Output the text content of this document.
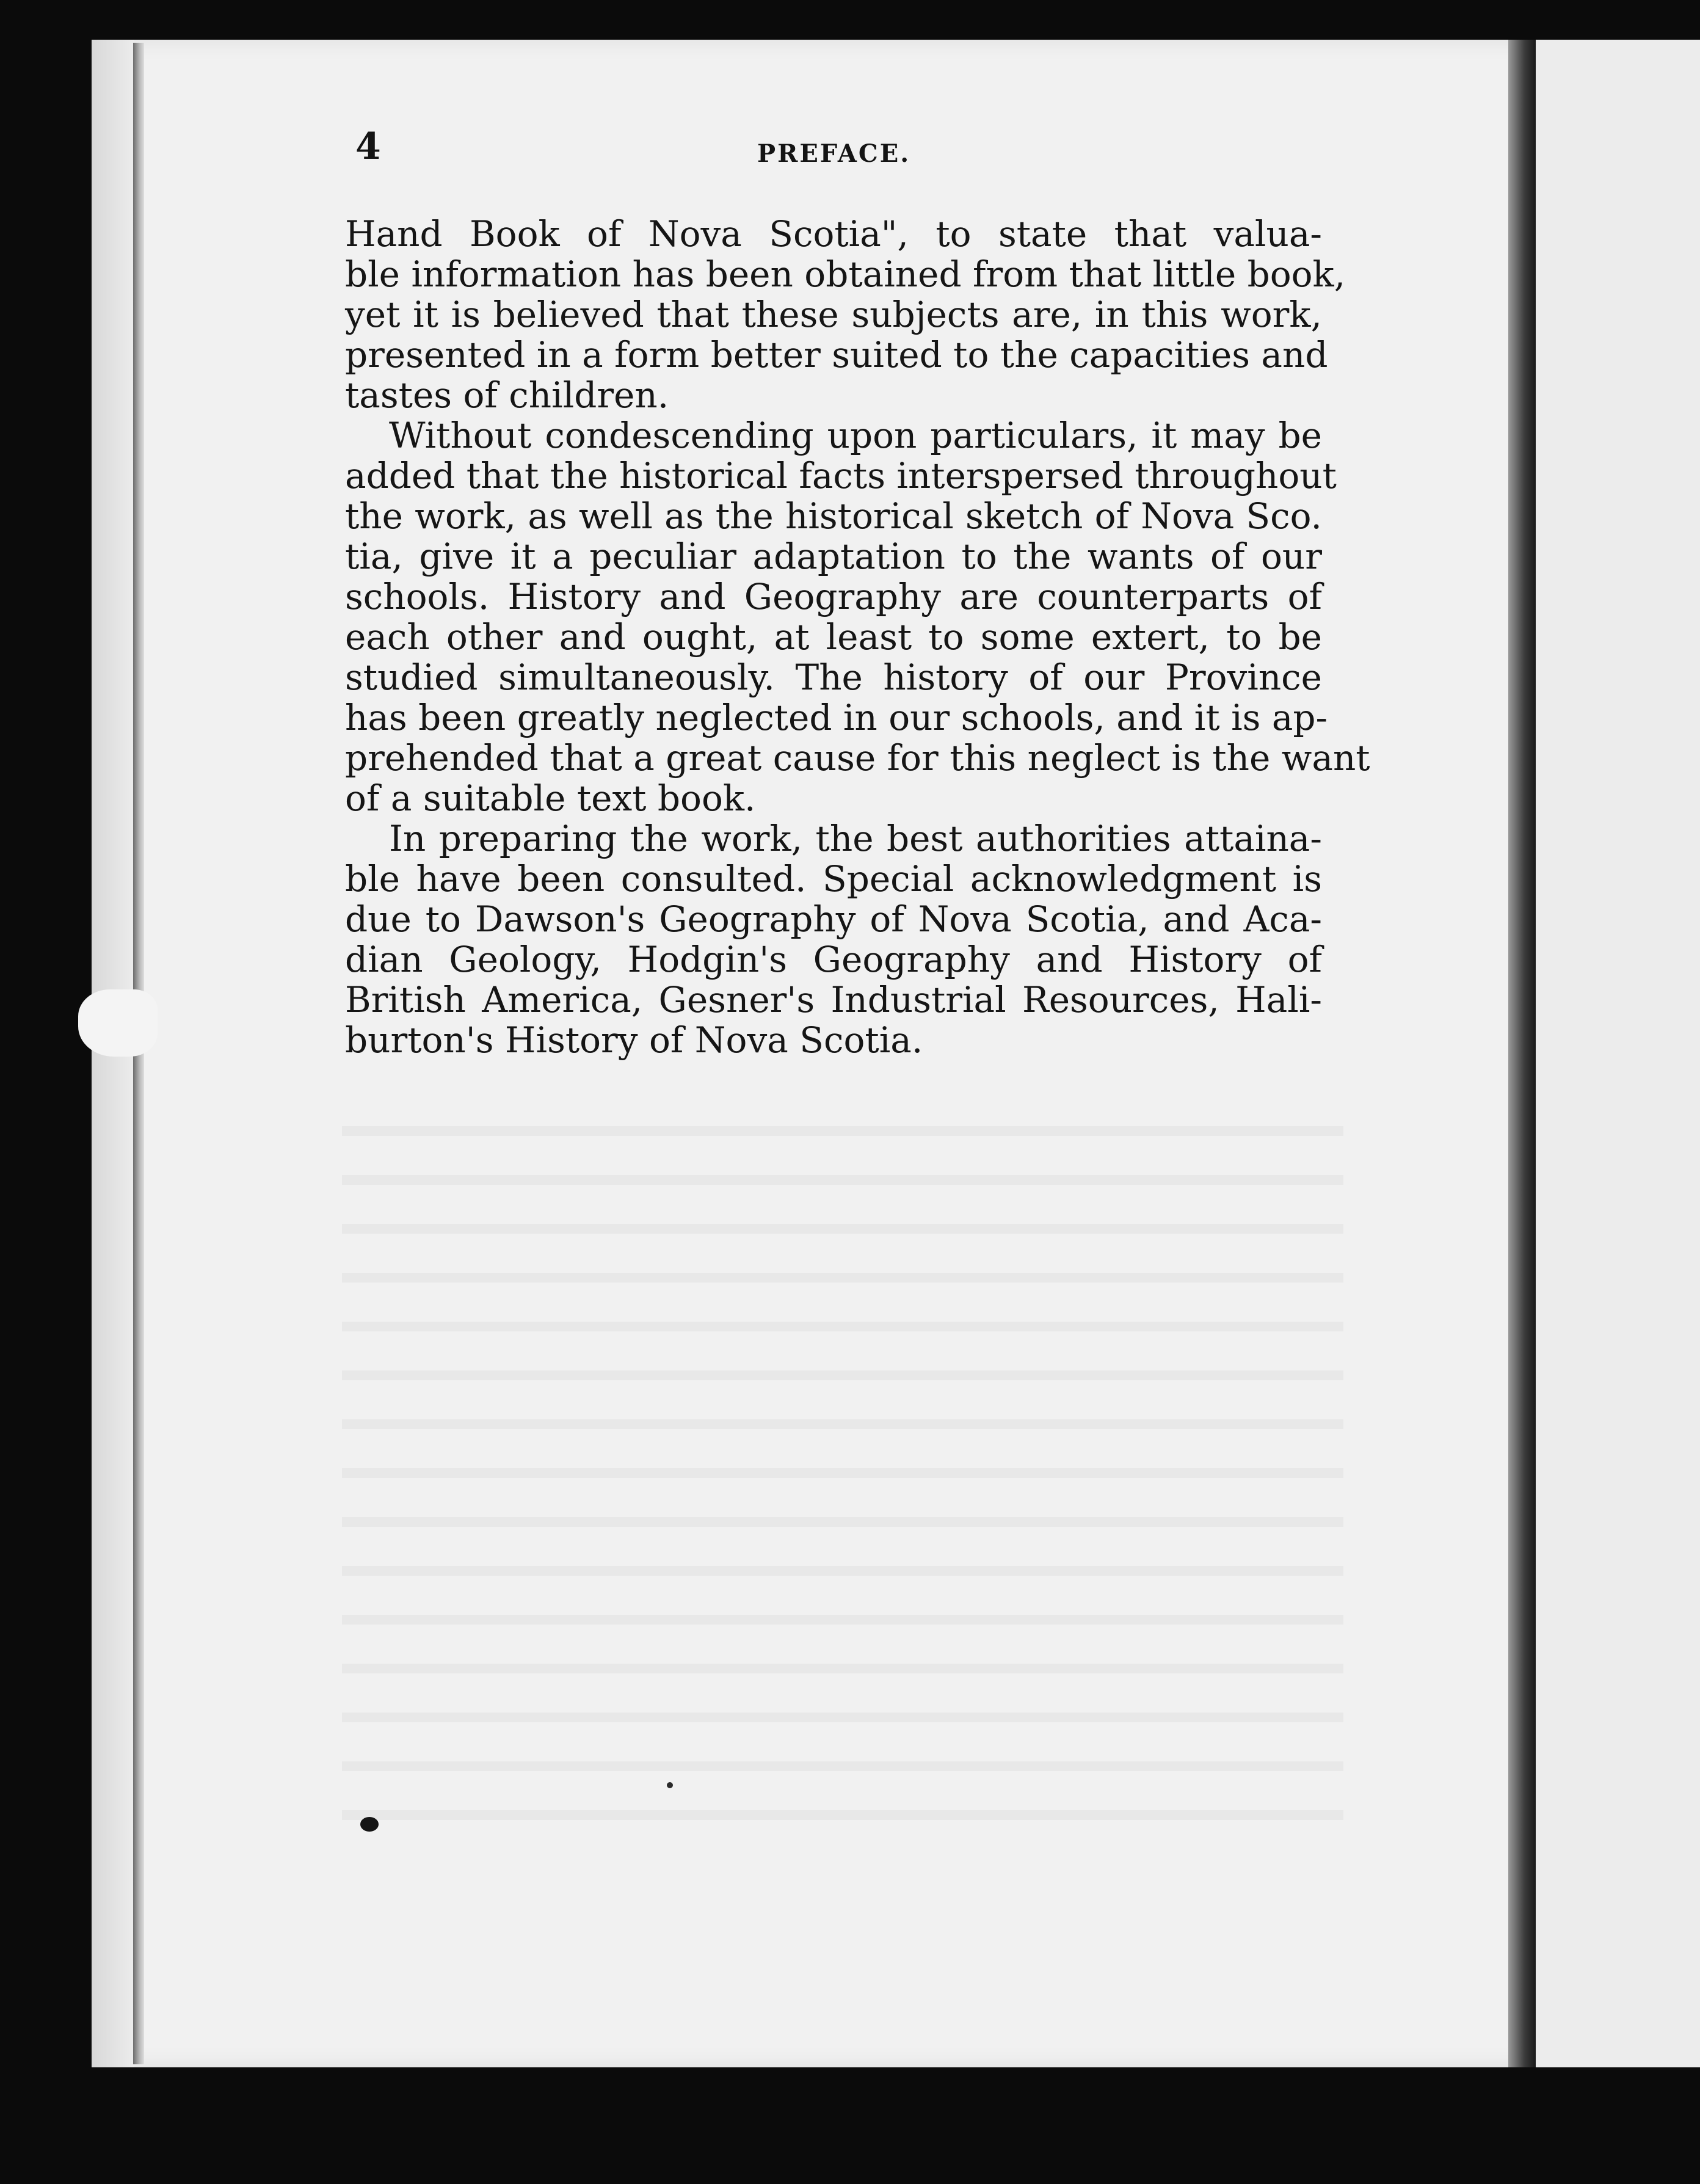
4	PREFACE.
Hand Book of Nova Scotia", to state that valua-
ble information has been obtained from that little book,
yet it is believed that these subjects are, in this work,
presented in a form better suited to the capacities and
tastes of children.
Without condescending upon particulars, it may be
added that the historical facts interspersed throughout
the work, as well as the historical sketch of Nova Sco.
tia, give it a peculiar adaptation to the wants of our
schools. History and Geography are counterparts of
each other and ought, at least to some extert, to be
studied simultaneously. The history of our Province
has been greatly neglected in our schools, and it is ap-
prehended that a great cause for this neglect is the want
of a suitable text book.
In preparing the work, the best authorities attaina-
ble have been consulted. Special acknowledgment is
due to Dawson's Geography of Nova Scotia, and Aca-
dian Geology, Hodgin's Geography and History of
British America, Gesner's Industrial Resources, Hali-
burton's History of Nova Scotia.
